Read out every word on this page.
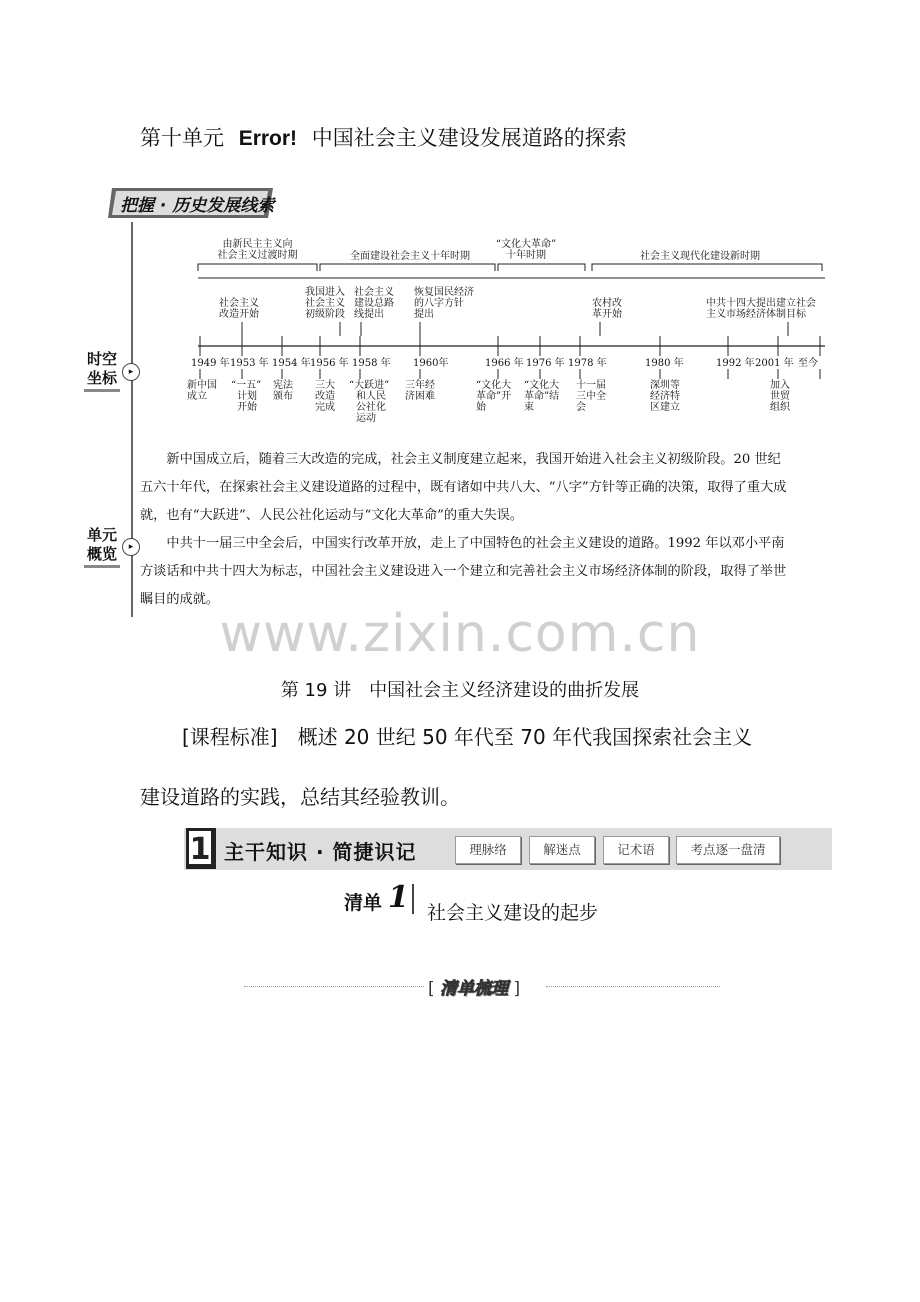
第十单元 Error! 中国社会主义建设发展道路的探索
把握 · 历史发展线索
时空
坐标	▸
单元
概览	▸
由新民主主义向
社会主义过渡时期	全面建设社会主义十年时期
“文化大革命”
十年时期	社会主义现代化建设新时期
社会主义
改造开始
我国进入
社会主义
初级阶段
社会主义
建设总路
线提出
恢复国民经济
的八字方针
提出
农村改
革开始
中共十四大提出建立社会
主义市场经济体制目标
1949 年 1953 年 1954 年 1956 年 1958 年 1960年	1966 年 1976 年 1978 年	1980 年	1992 年 2001 年 至今
新中国
成立
“一五”
计划
开始
宪法
颁布
三大
改造
完成
“大跃进”
和人民
公社化
运动
三年经
济困难
“文化大
革命”开
始
“文化大
革命”结
束
十一届
三中全
会
深圳等
经济特
区建立
加入
世贸
组织

新中国成立后，随着三大改造的完成，社会主义制度建立起来，我国开始进入社会主义初级阶段。20 世纪五六十年代，在探索社会主义建设道路的过程中，既有诸如中共八大、“八字”方针等正确的决策，取得了重大成就，也有“大跃进”、人民公社化运动与“文化大革命”的重大失误。

中共十一届三中全会后，中国实行改革开放，走上了中国特色的社会主义建设的道路。1992 年以邓小平南方谈话和中共十四大为标志，中国社会主义建设进入一个建立和完善社会主义市场经济体制的阶段，取得了举世瞩目的成就。

www.zixin.com.cn
第 19 讲　中国社会主义经济建设的曲折发展
[课程标准]　概述 20 世纪 50 年代至 70 年代我国探索社会主义
建设道路的实践，总结其经验教训。
1 主干知识 · 简捷识记	理脉络	解迷点	记术语	考点逐一盘清
清单 1 社会主义建设的起步
[ 清单梳理 ]
